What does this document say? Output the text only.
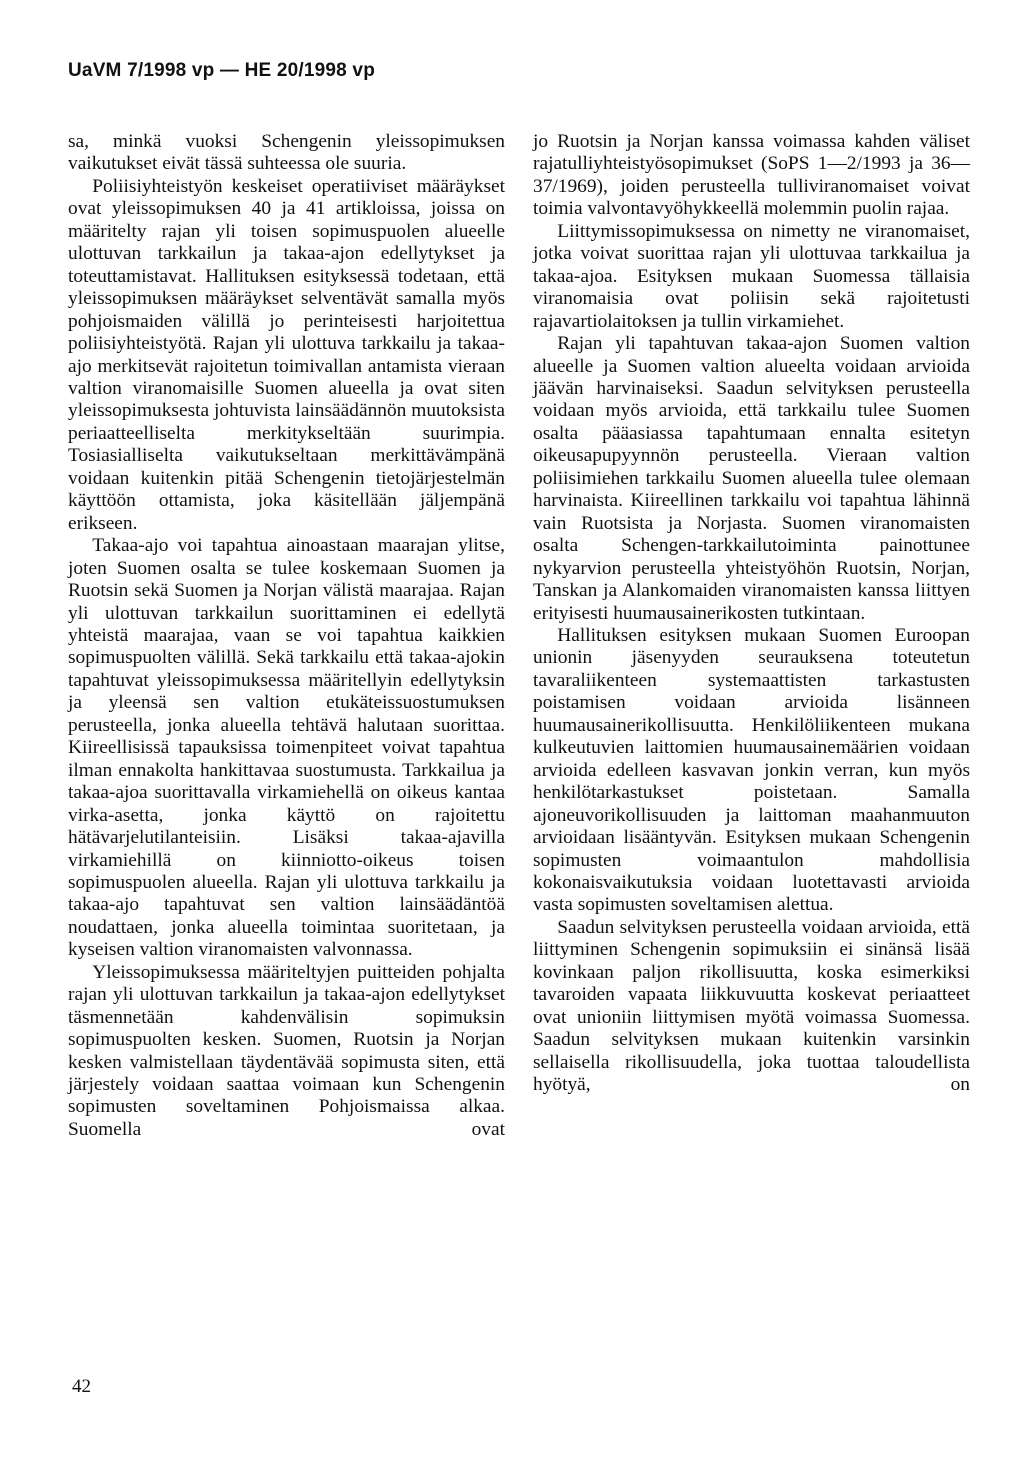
UaVM 7/1998 vp — HE 20/1998 vp

sa, minkä vuoksi Schengenin yleissopimuksen vaikutukset eivät tässä suhteessa ole suuria.

Poliisiyhteistyön keskeiset operatiiviset määräykset ovat yleissopimuksen 40 ja 41 artikloissa, joissa on määritelty rajan yli toisen sopimuspuolen alueelle ulottuvan tarkkailun ja takaa-ajon edellytykset ja toteuttamistavat. Hallituksen esityksessä todetaan, että yleissopimuksen määräykset selventävät samalla myös pohjoismaiden välillä jo perinteisesti harjoitettua poliisiyhteistyötä. Rajan yli ulottuva tarkkailu ja takaa-ajo merkitsevät rajoitetun toimivallan antamista vieraan valtion viranomaisille Suomen alueella ja ovat siten yleissopimuksesta johtuvista lainsäädännön muutoksista periaatteelliselta merkitykseltään suurimpia. Tosiasialliselta vaikutukseltaan merkittävämpänä voidaan kuitenkin pitää Schengenin tietojärjestelmän käyttöön ottamista, joka käsitellään jäljempänä erikseen.

Takaa-ajo voi tapahtua ainoastaan maarajan ylitse, joten Suomen osalta se tulee koskemaan Suomen ja Ruotsin sekä Suomen ja Norjan välistä maarajaa. Rajan yli ulottuvan tarkkailun suorittaminen ei edellytä yhteistä maarajaa, vaan se voi tapahtua kaikkien sopimuspuolten välillä. Sekä tarkkailu että takaa-ajokin tapahtuvat yleissopimuksessa määritellyin edellytyksin ja yleensä sen valtion etukäteissuostumuksen perusteella, jonka alueella tehtävä halutaan suorittaa. Kiireellisissä tapauksissa toimenpiteet voivat tapahtua ilman ennakolta hankittavaa suostumusta. Tarkkailua ja takaa-ajoa suorittavalla virkamiehellä on oikeus kantaa virka-asetta, jonka käyttö on rajoitettu hätävarjelutilanteisiin. Lisäksi takaa-ajavilla virkamiehillä on kiinniotto-oikeus toisen sopimuspuolen alueella. Rajan yli ulottuva tarkkailu ja takaa-ajo tapahtuvat sen valtion lainsäädäntöä noudattaen, jonka alueella toimintaa suoritetaan, ja kyseisen valtion viranomaisten valvonnassa.

Yleissopimuksessa määriteltyjen puitteiden pohjalta rajan yli ulottuvan tarkkailun ja takaa-ajon edellytykset täsmennetään kahdenvälisin sopimuksin sopimuspuolten kesken. Suomen, Ruotsin ja Norjan kesken valmistellaan täydentävää sopimusta siten, että järjestely voidaan saattaa voimaan kun Schengenin sopimusten soveltaminen Pohjoismaissa alkaa. Suomella ovat

jo Ruotsin ja Norjan kanssa voimassa kahden väliset rajatulliyhteistyösopimukset (SoPS 1—2/1993 ja 36—37/1969), joiden perusteella tulliviranomaiset voivat toimia valvontavyöhykkeellä molemmin puolin rajaa.

Liittymissopimuksessa on nimetty ne viranomaiset, jotka voivat suorittaa rajan yli ulottuvaa tarkkailua ja takaa-ajoa. Esityksen mukaan Suomessa tällaisia viranomaisia ovat poliisin sekä rajoitetusti rajavartiolaitoksen ja tullin virkamiehet.

Rajan yli tapahtuvan takaa-ajon Suomen valtion alueelle ja Suomen valtion alueelta voidaan arvioida jäävän harvinaiseksi. Saadun selvityksen perusteella voidaan myös arvioida, että tarkkailu tulee Suomen osalta pääasiassa tapahtumaan ennalta esitetyn oikeusapupyynnön perusteella. Vieraan valtion poliisimiehen tarkkailu Suomen alueella tulee olemaan harvinaista. Kiireellinen tarkkailu voi tapahtua lähinnä vain Ruotsista ja Norjasta. Suomen viranomaisten osalta Schengen-tarkkailutoiminta painottunee nykyarvion perusteella yhteistyöhön Ruotsin, Norjan, Tanskan ja Alankomaiden viranomaisten kanssa liittyen erityisesti huumausainerikosten tutkintaan.

Hallituksen esityksen mukaan Suomen Euroopan unionin jäsenyyden seurauksena toteutetun tavaraliikenteen systemaattisten tarkastusten poistamisen voidaan arvioida lisänneen huumausainerikollisuutta. Henkilöliikenteen mukana kulkeutuvien laittomien huumausainemäärien voidaan arvioida edelleen kasvavan jonkin verran, kun myös henkilötarkastukset poistetaan. Samalla ajoneuvorikollisuuden ja laittoman maahanmuuton arvioidaan lisääntyvän. Esityksen mukaan Schengenin sopimusten voimaantulon mahdollisia kokonaisvaikutuksia voidaan luotettavasti arvioida vasta sopimusten soveltamisen alettua.

Saadun selvityksen perusteella voidaan arvioida, että liittyminen Schengenin sopimuksiin ei sinänsä lisää kovinkaan paljon rikollisuutta, koska esimerkiksi tavaroiden vapaata liikkuvuutta koskevat periaatteet ovat unioniin liittymisen myötä voimassa Suomessa. Saadun selvityksen mukaan kuitenkin varsinkin sellaisella rikollisuudella, joka tuottaa taloudellista hyötyä, on

42
